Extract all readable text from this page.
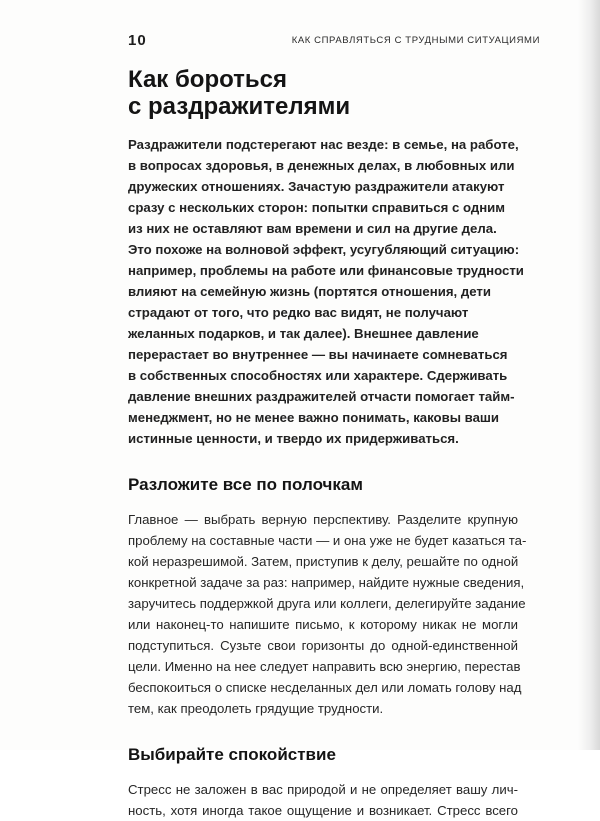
10	КАК СПРАВЛЯТЬСЯ С ТРУДНЫМИ СИТУАЦИЯМИ
Как бороться
с раздражителями

Раздражители подстерегают нас везде: в семье, на работе,

в вопросах здоровья, в денежных делах, в любовных или

дружеских отношениях. Зачастую раздражители атакуют

сразу с нескольких сторон: попытки справиться с одним

из них не оставляют вам времени и сил на другие дела.

Это похоже на волновой эффект, усугубляющий ситуацию:

например, проблемы на работе или финансовые трудности

влияют на семейную жизнь (портятся отношения, дети

страдают от того, что редко вас видят, не получают

желанных подарков, и так далее). Внешнее давление

перерастает во внутреннее — вы начинаете сомневаться

в собственных способностях или характере. Сдерживать

давление внешних раздражителей отчасти помогает тайм-

менеджмент, но не менее важно понимать, каковы ваши

истинные ценности, и твердо их придерживаться.

Разложите все по полочкам

Главное — выбрать верную перспективу. Разделите крупную

проблему на составные части — и она уже не будет казаться та-

кой неразрешимой. Затем, приступив к делу, решайте по одной

конкретной задаче за раз: например, найдите нужные сведения,

заручитесь поддержкой друга или коллеги, делегируйте задание

или наконец-то напишите письмо, к которому никак не могли

подступиться. Сузьте свои горизонты до одной-единственной

цели. Именно на нее следует направить всю энергию, перестав

беспокоиться о списке несделанных дел или ломать голову над

тем, как преодолеть грядущие трудности.

Выбирайте спокойствие

Стресс не заложен в вас природой и не определяет вашу лич-

ность, хотя иногда такое ощущение и возникает. Стресс всего
